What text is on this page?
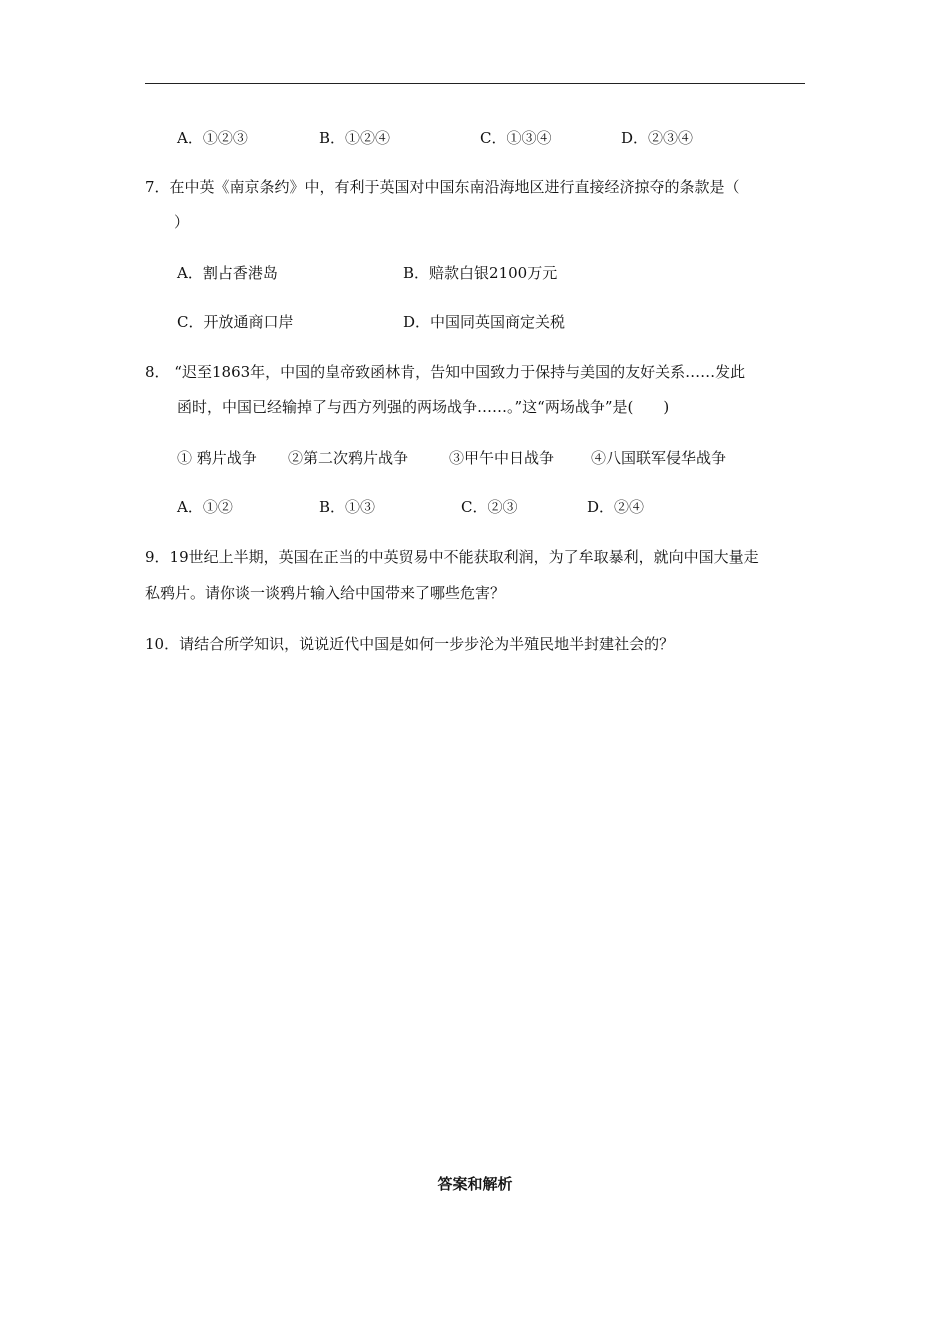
A．①②③	B．①②④	C．①③④	D．②③④
7．在中英《南京条约》中，有利于英国对中国东南沿海地区进行直接经济掠夺的条款是（
）
A．割占香港岛	B．赔款白银2100万元
C．开放通商口岸	D．中国同英国商定关税
8． “迟至1863年，中国的皇帝致函林肯，告知中国致力于保持与美国的友好关系……发此
函时，中国已经输掉了与西方列强的两场战争……。”这“两场战争”是(　　)
① 鸦片战争 ②第二次鸦片战争	③甲午中日战争 ④八国联军侵华战争
A．①②	B．①③	C．②③	D．②④
9．19世纪上半期，英国在正当的中英贸易中不能获取利润，为了牟取暴利，就向中国大量走
私鸦片。请你谈一谈鸦片输入给中国带来了哪些危害？
10．请结合所学知识，说说近代中国是如何一步步沦为半殖民地半封建社会的？
答案和解析
